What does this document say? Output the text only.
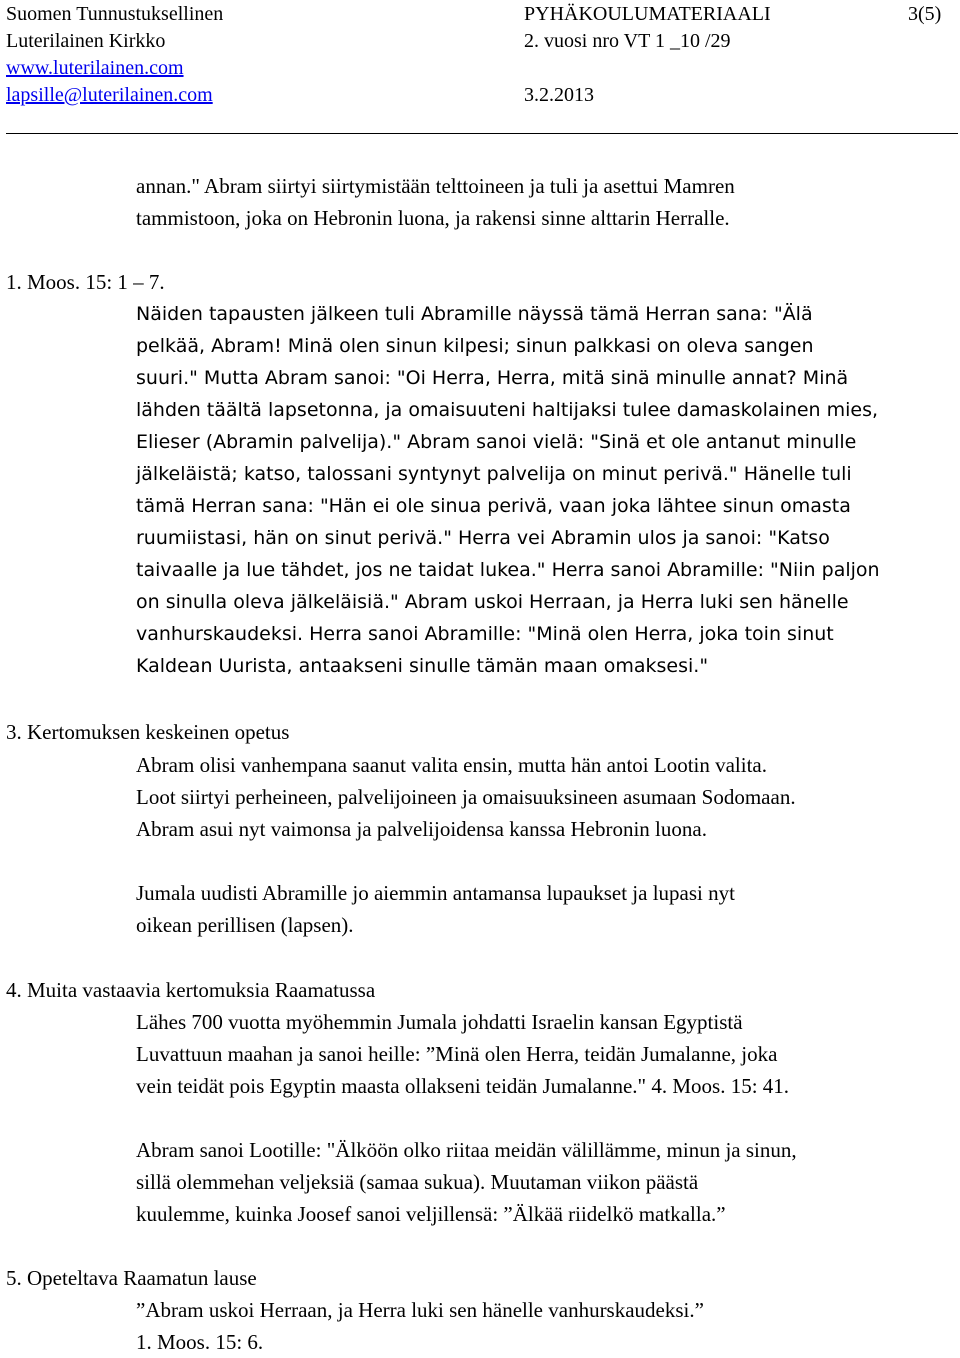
Suomen Tunnustuksellinen
Luterilainen Kirkko
www.luterilainen.com
lapsille@luterilainen.com
PYHÄKOULUMATERIAALI
2. vuosi nro VT 1 _10 /29
3.2.2013
3(5)
annan." Abram siirtyi siirtymistään telttoineen ja tuli ja asettui Mamren
tammistoon, joka on Hebronin luona, ja rakensi sinne alttarin Herralle.
1. Moos. 15: 1 – 7.
Näiden tapausten jälkeen tuli Abramille näyssä tämä Herran sana: "Älä
pelkää, Abram! Minä olen sinun kilpesi; sinun palkkasi on oleva sangen
suuri." Mutta Abram sanoi: "Oi Herra, Herra, mitä sinä minulle annat? Minä
lähden täältä lapsetonna, ja omaisuuteni haltijaksi tulee damaskolainen mies,
Elieser (Abramin palvelija)." Abram sanoi vielä: "Sinä et ole antanut minulle
jälkeläistä; katso, talossani syntynyt palvelija on minut perivä." Hänelle tuli
tämä Herran sana: "Hän ei ole sinua perivä, vaan joka lähtee sinun omasta
ruumiistasi, hän on sinut perivä." Herra vei Abramin ulos ja sanoi: "Katso
taivaalle ja lue tähdet, jos ne taidat lukea." Herra sanoi Abramille: "Niin paljon
on sinulla oleva jälkeläisiä." Abram uskoi Herraan, ja Herra luki sen hänelle
vanhurskaudeksi. Herra sanoi Abramille: "Minä olen Herra, joka toin sinut
Kaldean Uurista, antaakseni sinulle tämän maan omaksesi."
3. Kertomuksen keskeinen opetus
Abram olisi vanhempana saanut valita ensin, mutta hän antoi Lootin valita.
Loot siirtyi perheineen, palvelijoineen ja omaisuuksineen asumaan Sodomaan.
Abram asui nyt vaimonsa ja palvelijoidensa kanssa Hebronin luona.
Jumala uudisti Abramille jo aiemmin antamansa lupaukset ja lupasi nyt
oikean perillisen (lapsen).
4. Muita vastaavia kertomuksia Raamatussa
Lähes 700 vuotta myöhemmin Jumala johdatti Israelin kansan Egyptistä
Luvattuun maahan ja sanoi heille: ”Minä olen Herra, teidän Jumalanne, joka
vein teidät pois Egyptin maasta ollakseni teidän Jumalanne." 4. Moos. 15: 41.
Abram sanoi Lootille: "Älköön olko riitaa meidän välillämme, minun ja sinun,
sillä olemmehan veljeksiä (samaa sukua). Muutaman viikon päästä
kuulemme, kuinka Joosef sanoi veljillensä: ”Älkää riidelkö matkalla.”
5. Opeteltava Raamatun lause
”Abram uskoi Herraan, ja Herra luki sen hänelle vanhurskaudeksi.”
1. Moos. 15: 6.
